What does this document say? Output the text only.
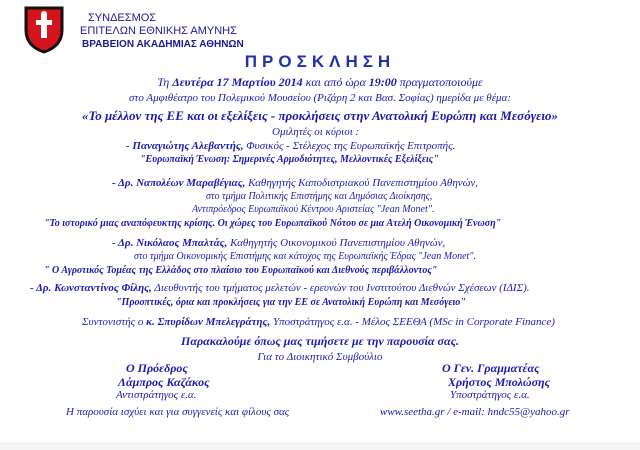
ΣΥΝΔΕΣΜΟΣ
ΕΠΙΤΕΛΩΝ ΕΘΝΙΚΗΣ ΑΜΥΝΗΣ
ΒΡΑΒΕΙΟΝ ΑΚΑΔΗΜΙΑΣ ΑΘΗΝΩΝ
ΠΡΟΣΚΛΗΣΗ
Τη Δευτέρα 17 Μαρτίου 2014 και από ώρα 19:00 πραγματοποιούμε
στο Αμφιθέατρο του Πολεμικού Μουσείου (Ριζάρη 2 και Βασ. Σοφίας) ημερίδα με θέμα:
«Το μέλλον της ΕΕ και οι εξελίξεις - προκλήσεις στην Ανατολική Ευρώπη και Μεσόγειο»
Ομιλητές οι κύριοι :
- Παναγιώτης Αλεβαντής, Φυσικός - Στέλεχος της Ευρωπαϊκής Επιτροπής.
"Ευρωπαϊκή Ένωση: Σημερινές Αρμοδιότητες, Μελλοντικές Εξελίξεις"
- Δρ. Ναπολέων Μαραβέγιας, Καθηγητής Καποδιστριακού Πανεπιστημίου Αθηνών,
στο τμήμα Πολιτικής Επιστήμης και Δημόσιας Διοίκησης,
Αντιπρόεδρος Ευρωπαϊκού Κέντρου Αριστείας "Jean Monet".
"Το ιστορικό μιας αναπόφευκτης κρίσης. Οι χώρες του Ευρωπαϊκού Νότου σε μια Ατελή Οικονομική Ένωση"
- Δρ. Νικόλαος Μπαλτάς, Καθηγητής Οικονομικού Πανεπιστημίου Αθηνών,
στο τμήμα Οικονομικής Επιστήμης και κάτοχος της Ευρωπαϊκής Έδρας "Jean Monet".
" Ο Αγροτικός Τομέας της Ελλάδος στο πλαίσιο του Ευρωπαϊκού και Διεθνούς περιβάλλοντος"
- Δρ. Κωνσταντίνος Φίλης, Διευθυντής του τμήματος μελετών - ερευνών του Ινστιτούτου Διεθνών Σχέσεων (ΙΔΙΣ).
"Προοπτικές, όρια και προκλήσεις για την ΕΕ σε Ανατολική Ευρώπη και Μεσόγειο"
Συντονιστής ο κ. Σπυρίδων Μπελεγράτης, Υποστράτηγος ε.α. - Μέλος ΣΕΕΘΑ (MSc in Corporate Finance)
Παρακαλούμε όπως μας τιμήσετε με την παρουσία σας.
Για το Διοικητικό Συμβούλιο
Ο Πρόεδρος
Λάμπρος Καζάκος
Αντιστράτηγος ε.α.
Ο Γεν. Γραμματέας
Χρήστος Μπολώσης
Υποστράτηγος ε.α.
Η παρουσία ισχύει και για συγγενείς και φίλους σας	www.seetha.gr / e-mail: hndc55@yahoo.gr
